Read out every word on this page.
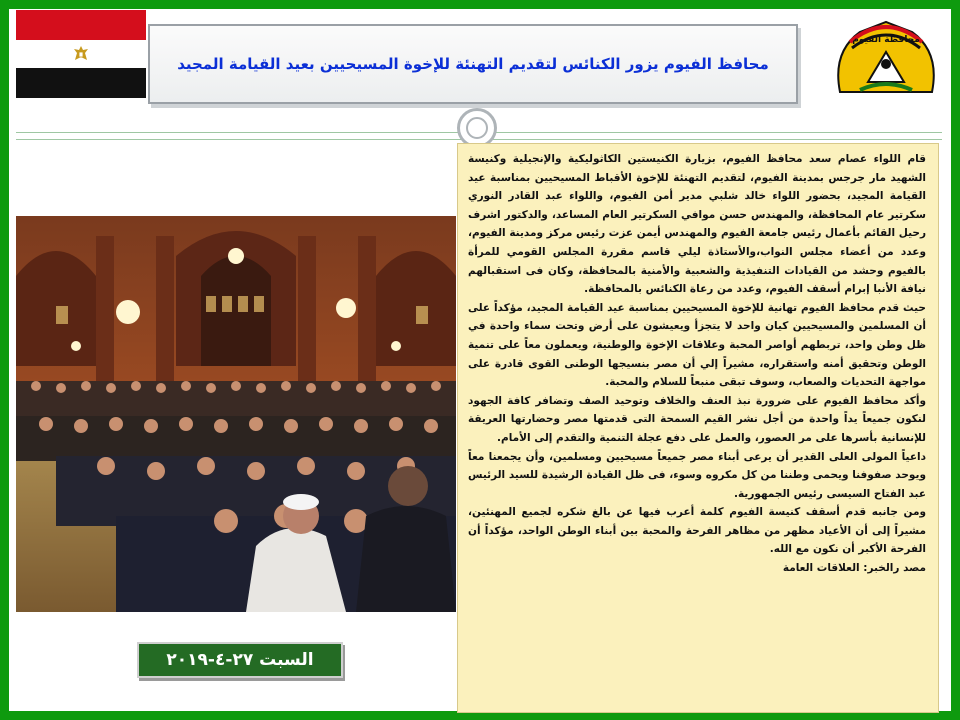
محافظ الفيوم يزور الكنائس لتقديم التهنئة للإخوة المسيحيين بعيد القيامة المجيد
محافظة الفيوم
السبت ٢٧-٤-٢٠١٩

قام اللواء عصام سعد محافظ الفيوم، بزيارة الكنيستين الكاثوليكية والإنجيلية وكنيسة الشهيد مار جرجس بمدينة الفيوم، لتقديم التهنئة للإخوة الأقباط المسيحيين بمناسبة عيد القيامة المجيد، بحضور اللواء خالد شلبي مدير أمن الفيوم، واللواء عبد القادر النوري سكرتير عام المحافظة، والمهندس حسن موافي السكرتير العام المساعد، والدكتور اشرف رحيل القائم بأعمال رئيس جامعة الفيوم والمهندس أيمن عزت رئيس مركز ومدينة الفيوم، وعدد من أعضاء مجلس النواب،والأستاذة ليلي قاسم مقررة المجلس القومي للمرأة بالفيوم وحشد من القيادات التنفيذية والشعبية والأمنية بالمحافظة، وكان فى استقبالهم نيافة الأنبا إبرام أسقف الفيوم، وعدد من رعاة الكنائس بالمحافظة.

حيث قدم محافظ الفيوم تهانية للإخوة المسيحيين بمناسبة عيد القيامة المجيد، مؤكداً على أن المسلمين والمسيحيين كيان واحد لا يتجزأ ويعيشون على أرض وتحت سماء واحدة في ظل وطن واحد، تربطهم أواصر المحبة وعلاقات الإخوة والوطنية، ويعملون معاً على تنمية الوطن وتحقيق أمنه واستقراره، مشيراً إلي أن مصر بنسيجها الوطنى القوى قادرة على مواجهة التحديات والصعاب، وسوف تبقى منبعاً للسلام والمحبة.

وأكد محافظ الفيوم على ضرورة نبذ العنف والخلاف وتوحيد الصف وتضافر كافة الجهود لنكون جميعاً يداً واحدة من أجل نشر القيم السمحة التى قدمتها مصر وحضارتها العريقة للإنسانية بأسرها على مر العصور، والعمل على دفع عجلة التنمية والتقدم إلى الأمام.

داعياً المولى العلى القدير أن يرعى أبناء مصر جميعاً مسيحيين ومسلمين، وأن يجمعنا معاً ويوحد صفوفنا ويحمى وطننا من كل مكروه وسوء، فى ظل القيادة الرشيدة للسيد الرئيس عبد الفتاح السيسى رئيس الجمهورية.

ومن جانبه قدم أسقف كنيسة الفيوم كلمة أعرب فيها عن بالغ شكره لجميع المهنئين، مشيراً إلى أن الأعياد مظهر من مظاهر الفرحة والمحبة بين أبناء الوطن الواحد، مؤكداً أن الفرحة الأكبر أن نكون مع الله.

مصد رالخبر: العلاقات العامة
